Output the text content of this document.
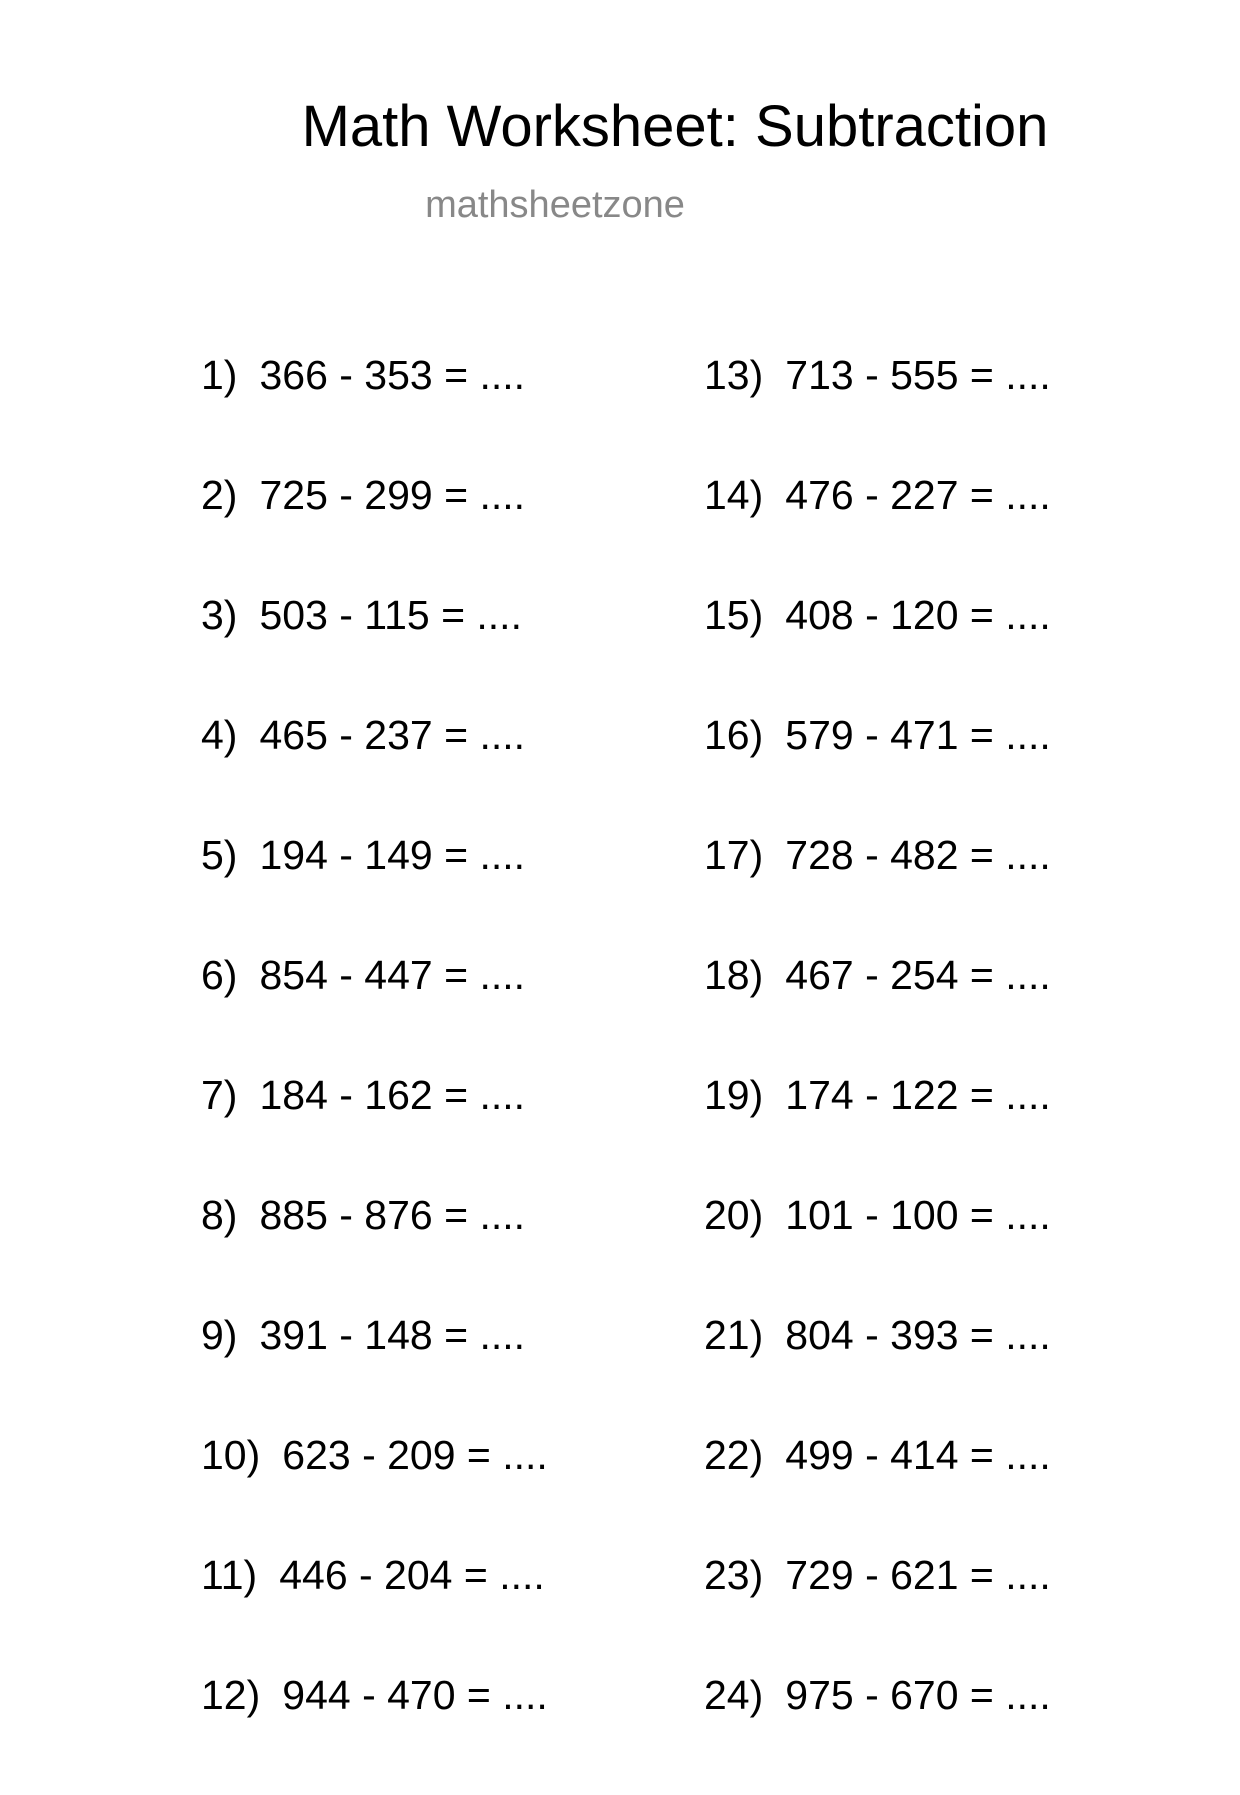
Math Worksheet: Subtraction
mathsheetzone
1) 366 - 353 = ....
2) 725 - 299 = ....
3) 503 - 115 = ....
4) 465 - 237 = ....
5) 194 - 149 = ....
6) 854 - 447 = ....
7) 184 - 162 = ....
8) 885 - 876 = ....
9) 391 - 148 = ....
10) 623 - 209 = ....
11) 446 - 204 = ....
12) 944 - 470 = ....
13) 713 - 555 = ....
14) 476 - 227 = ....
15) 408 - 120 = ....
16) 579 - 471 = ....
17) 728 - 482 = ....
18) 467 - 254 = ....
19) 174 - 122 = ....
20) 101 - 100 = ....
21) 804 - 393 = ....
22) 499 - 414 = ....
23) 729 - 621 = ....
24) 975 - 670 = ....
